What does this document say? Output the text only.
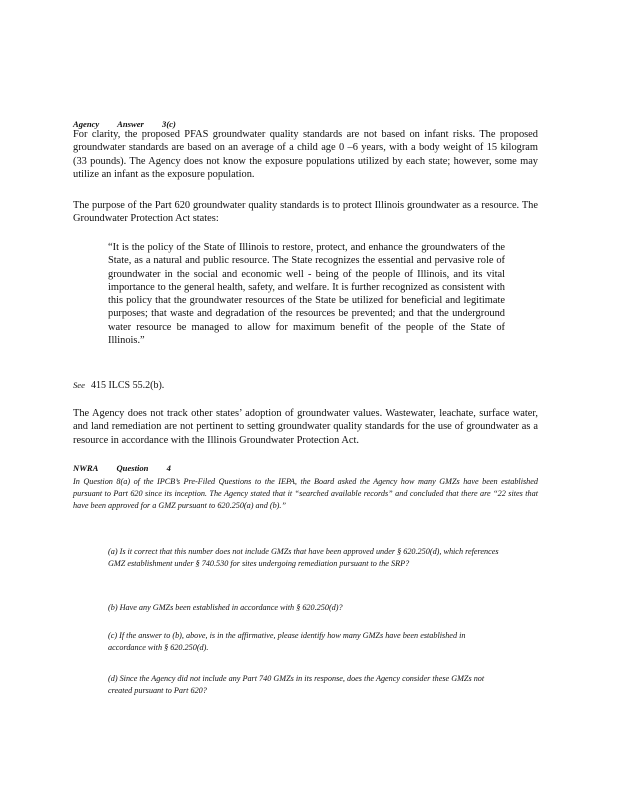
Agency Answer 3(c)

For clarity, the proposed PFAS groundwater quality standards are not based on infant risks. The proposed groundwater standards are based on an average of a child age 0 –6 years, with a body weight of 15 kilogram (33 pounds). The Agency does not know the exposure populations utilized by each state; however, some may utilize an infant as the exposure population.

The purpose of the Part 620 groundwater quality standards is to protect Illinois groundwater as a resource. The Groundwater Protection Act states:

“It is the policy of the State of Illinois to restore, protect, and enhance the groundwaters of the State, as a natural and public resource. The State recognizes the essential and pervasive role of groundwater in the social and economic well - being of the people of Illinois, and its vital importance to the general health, safety, and welfare. It is further recognized as consistent with this policy that the groundwater resources of the State be utilized for beneficial and legitimate purposes; that waste and degradation of the resources be prevented; and that the underground water resource be managed to allow for maximum benefit of the people of the State of Illinois.”

See 415 ILCS 55.2(b).

The Agency does not track other states’ adoption of groundwater values. Wastewater, leachate, surface water, and land remediation are not pertinent to setting groundwater quality standards for the use of groundwater as a resource in accordance with the Illinois Groundwater Protection Act.

NWRA Question 4

In Question 8(a) of the IPCB’s Pre-Filed Questions to the IEPA, the Board asked the Agency how many GMZs have been established pursuant to Part 620 since its inception. The Agency stated that it “searched available records” and concluded that there are “22 sites that have been approved for a GMZ pursuant to 620.250(a) and (b).”

(a) Is it correct that this number does not include GMZs that have been approved under § 620.250(d), which references GMZ establishment under § 740.530 for sites undergoing remediation pursuant to the SRP?

(b) Have any GMZs been established in accordance with § 620.250(d)?

(c) If the answer to (b), above, is in the affirmative, please identify how many GMZs have been established in accordance with § 620.250(d).

(d) Since the Agency did not include any Part 740 GMZs in its response, does the Agency consider these GMZs not created pursuant to Part 620?
